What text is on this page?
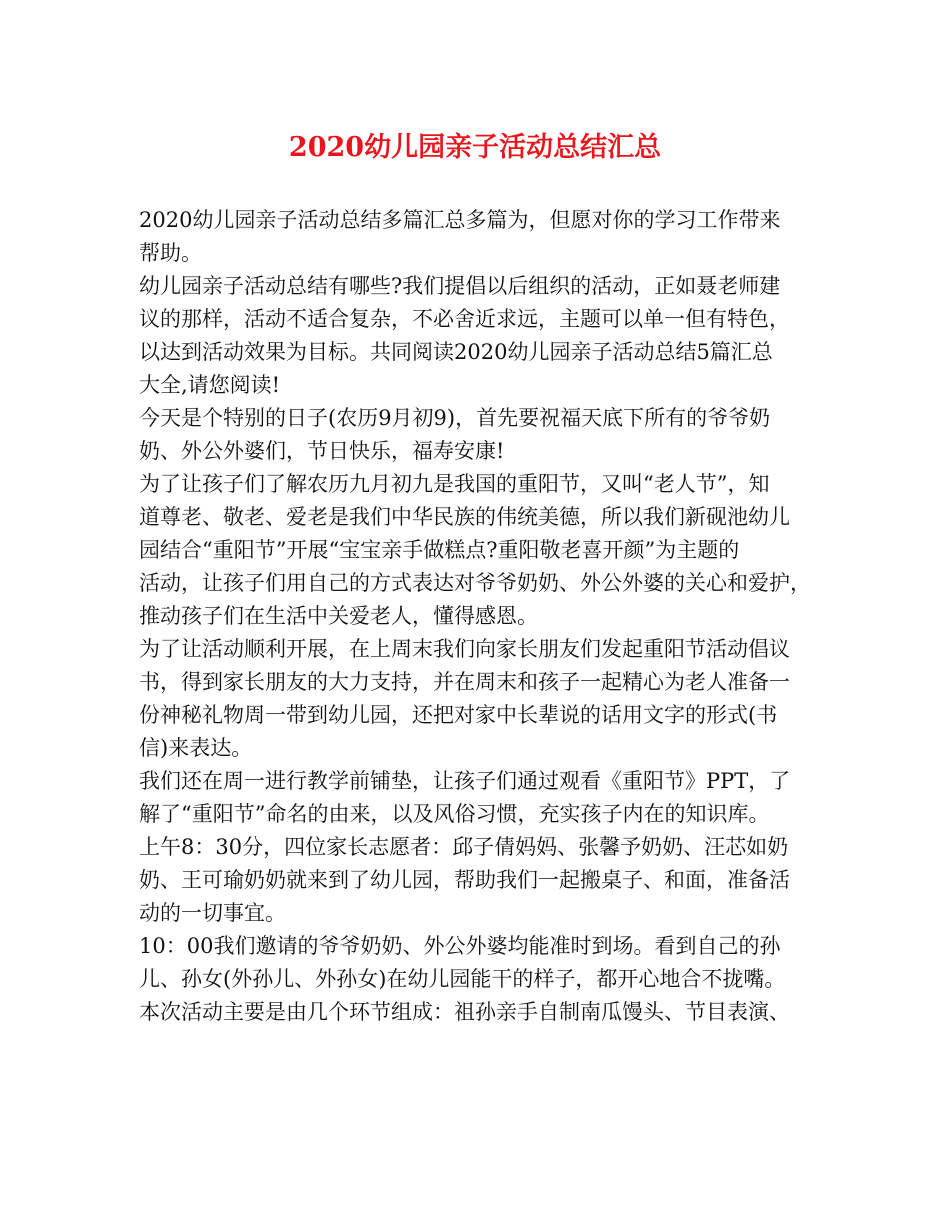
2020幼儿园亲子活动总结汇总

2020幼儿园亲子活动总结多篇汇总多篇为，但愿对你的学习工作带来
帮助。

幼儿园亲子活动总结有哪些?我们提倡以后组织的活动，正如聂老师建
议的那样，活动不适合复杂，不必舍近求远，主题可以单一但有特色，
以达到活动效果为目标。共同阅读2020幼儿园亲子活动总结5篇汇总
大全,请您阅读!

今天是个特别的日子(农历9月初9)，首先要祝福天底下所有的爷爷奶
奶、外公外婆们，节日快乐，福寿安康!

为了让孩子们了解农历九月初九是我国的重阳节，又叫“老人节”，知
道尊老、敬老、爱老是我们中华民族的伟统美德，所以我们新砚池幼儿
园结合“重阳节”开展“宝宝亲手做糕点?重阳敬老喜开颜”为主题的
活动，让孩子们用自己的方式表达对爷爷奶奶、外公外婆的关心和爱护，
推动孩子们在生活中关爱老人，懂得感恩。

为了让活动顺利开展，在上周末我们向家长朋友们发起重阳节活动倡议
书，得到家长朋友的大力支持，并在周末和孩子一起精心为老人准备一
份神秘礼物周一带到幼儿园，还把对家中长辈说的话用文字的形式(书
信)来表达。

我们还在周一进行教学前铺垫，让孩子们通过观看《重阳节》PPT，了
解了“重阳节”命名的由来，以及风俗习惯，充实孩子内在的知识库。

上午8：30分，四位家长志愿者：邱子倩妈妈、张馨予奶奶、汪芯如奶
奶、王可瑜奶奶就来到了幼儿园，帮助我们一起搬桌子、和面，准备活
动的一切事宜。

10：00我们邀请的爷爷奶奶、外公外婆均能准时到场。看到自己的孙
儿、孙女(外孙儿、外孙女)在幼儿园能干的样子，都开心地合不拢嘴。

本次活动主要是由几个环节组成：祖孙亲手自制南瓜馒头、节目表演、
